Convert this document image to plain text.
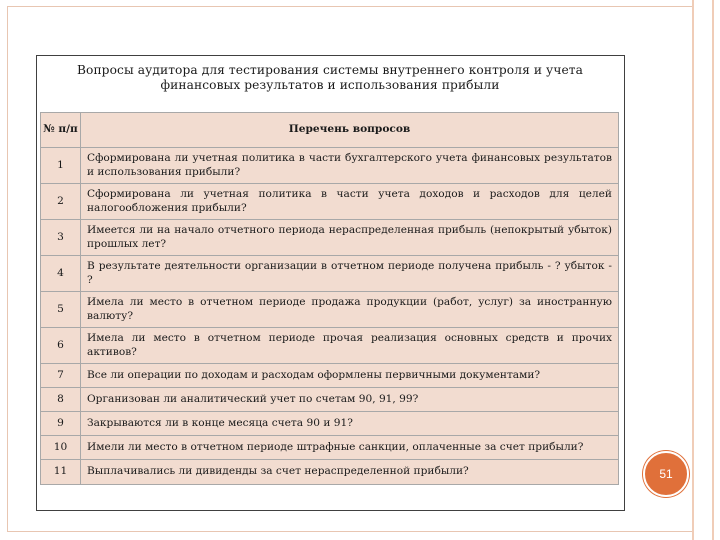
Вопросы аудитора для тестирования системы внутреннего контроля и учета финансовых результатов и использования прибыли
№ п/п	Перечень вопросов
1	Сформирована ли учетная политика в части бухгалтерского учета финансовых результатов и использования прибыли?
2	Сформирована ли учетная политика в части учета доходов и расходов для целей налогообложения прибыли?
3	Имеется ли на начало отчетного периода нераспределенная прибыль (непокрытый убыток) прошлых лет?
4	В результате деятельности организации в отчетном периоде получена прибыль - ? убыток - ?
5	Имела ли место в отчетном периоде продажа продукции (работ, услуг) за иностранную валюту?
6	Имела ли место в отчетном периоде прочая реализация основных средств и прочих активов?
7	Все ли операции по доходам и расходам оформлены первичными документами?
8	Организован ли аналитический учет по счетам 90, 91, 99?
9	Закрываются ли в конце месяца счета 90 и 91?
10	Имели ли место в отчетном периоде штрафные санкции, оплаченные за счет прибыли?
11	Выплачивались ли дивиденды за счет нераспределенной прибыли?	51
